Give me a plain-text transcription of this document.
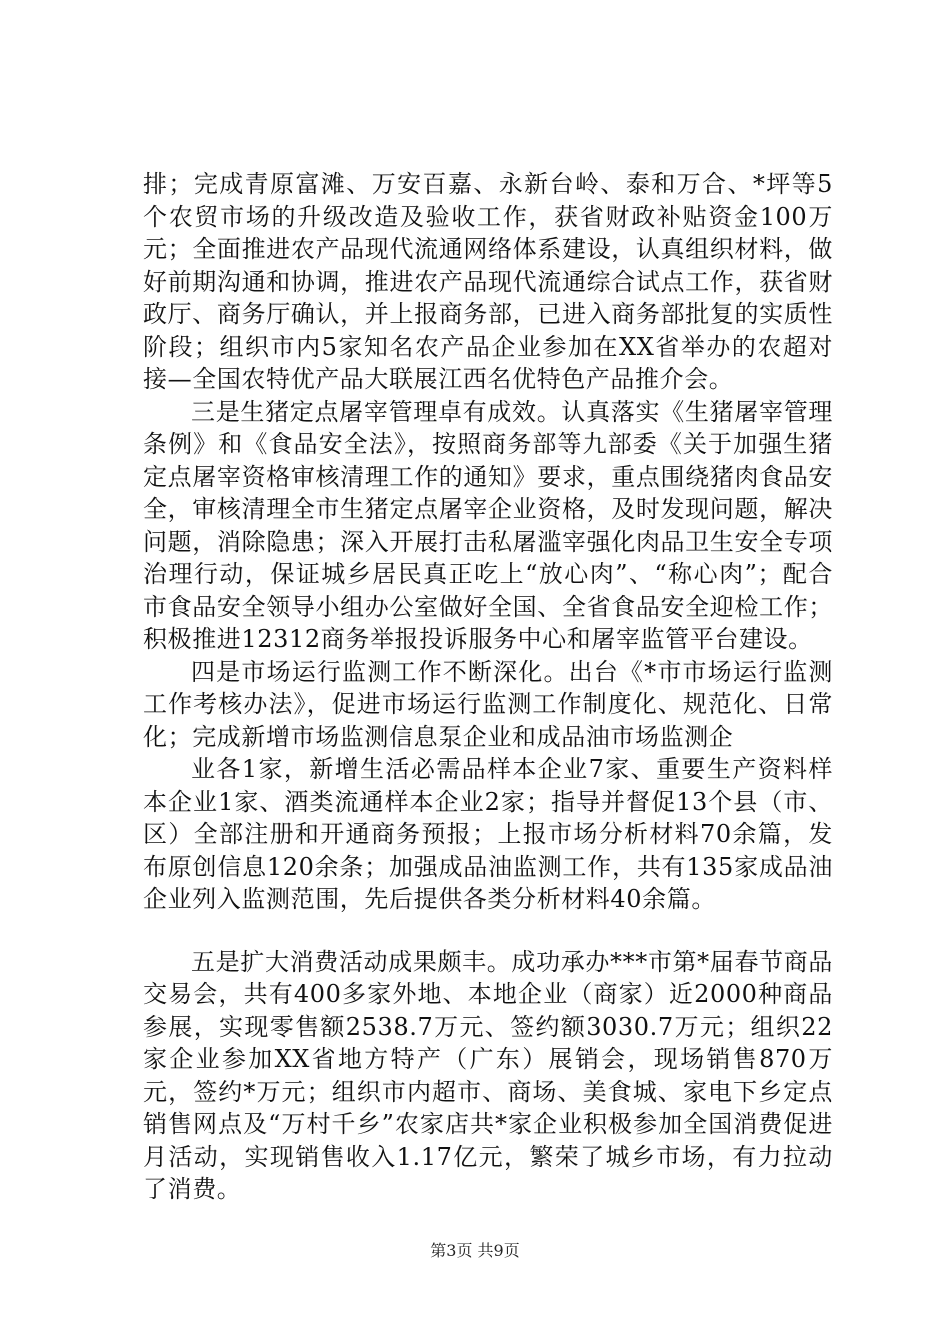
排；完成青原富滩、万安百嘉、永新台岭、泰和万合、*坪等5个农贸市场的升级改造及验收工作，获省财政补贴资金100万元；全面推进农产品现代流通网络体系建设，认真组织材料，做好前期沟通和协调，推进农产品现代流通综合试点工作，获省财政厅、商务厅确认，并上报商务部，已进入商务部批复的实质性阶段；组织市内5家知名农产品企业参加在XX省举办的农超对接—全国农特优产品大联展江西名优特色产品推介会。

三是生猪定点屠宰管理卓有成效。认真落实《生猪屠宰管理条例》和《食品安全法》，按照商务部等九部委《关于加强生猪定点屠宰资格审核清理工作的通知》要求，重点围绕猪肉食品安全，审核清理全市生猪定点屠宰企业资格，及时发现问题，解决问题，消除隐患；深入开展打击私屠滥宰强化肉品卫生安全专项治理行动，保证城乡居民真正吃上“放心肉”、“称心肉”；配合市食品安全领导小组办公室做好全国、全省食品安全迎检工作；积极推进12312商务举报投诉服务中心和屠宰监管平台建设。

四是市场运行监测工作不断深化。出台《*市市场运行监测工作考核办法》，促进市场运行监测工作制度化、规范化、日常化；完成新增市场监测信息泵企业和成品油市场监测企

业各1家，新增生活必需品样本企业7家、重要生产资料样本企业1家、酒类流通样本企业2家；指导并督促13个县（市、区）全部注册和开通商务预报；上报市场分析材料70余篇，发布原创信息120余条；加强成品油监测工作，共有135家成品油企业列入监测范围，先后提供各类分析材料40余篇。

五是扩大消费活动成果颇丰。成功承办***市第*届春节商品交易会，共有400多家外地、本地企业（商家）近2000种商品参展，实现零售额2538.7万元、签约额3030.7万元；组织22家企业参加XX省地方特产（广东）展销会，现场销售870万元，签约*万元；组织市内超市、商场、美食城、家电下乡定点销售网点及“万村千乡”农家店共*家企业积极参加全国消费促进月活动，实现销售收入1.17亿元，繁荣了城乡市场，有力拉动了消费。

第3页 共9页
